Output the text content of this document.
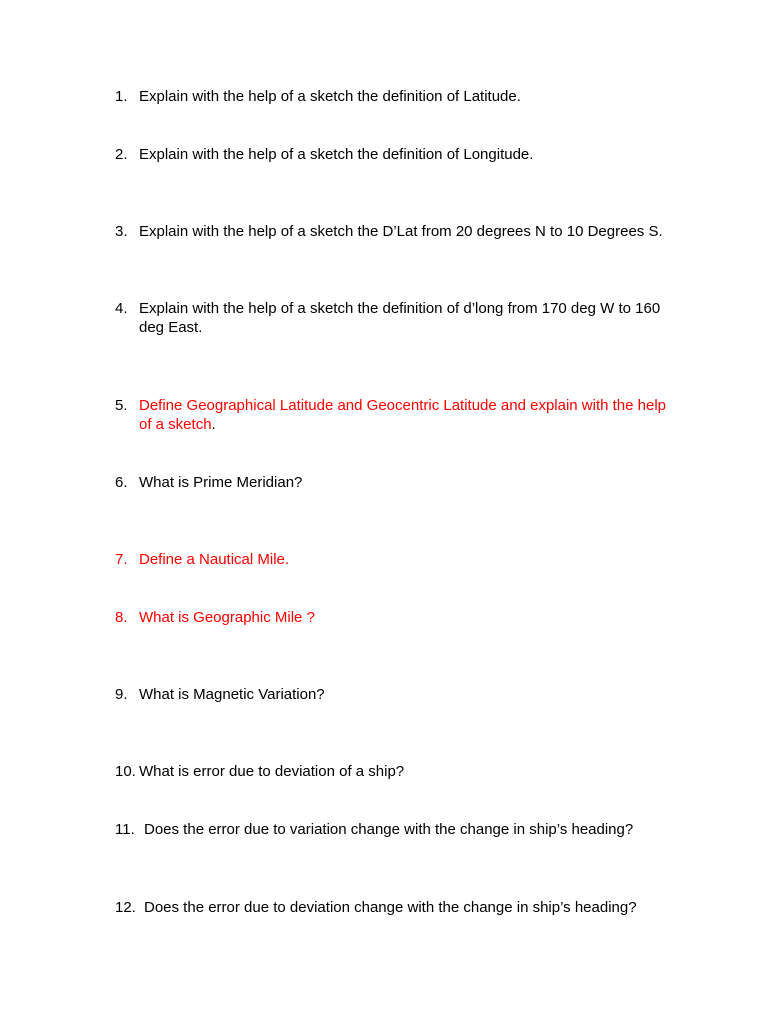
1. Explain with the help of a sketch the definition of Latitude.
2. Explain with the help of a sketch the definition of Longitude.
3. Explain with the help of a sketch the D’Lat from 20 degrees N to 10 Degrees S.
4. Explain with the help of a sketch the definition of d’long from 170 deg W to 160 deg East.
5. Define Geographical Latitude and Geocentric Latitude and explain with the help of a sketch.
6. What is Prime Meridian?
7. Define a Nautical Mile.
8. What is Geographic Mile ?
9. What is Magnetic Variation?
10. What is error due to deviation of a ship?
11. Does the error due to variation change with the change in ship’s heading?
12. Does the error due to deviation change with the change in ship’s heading?
